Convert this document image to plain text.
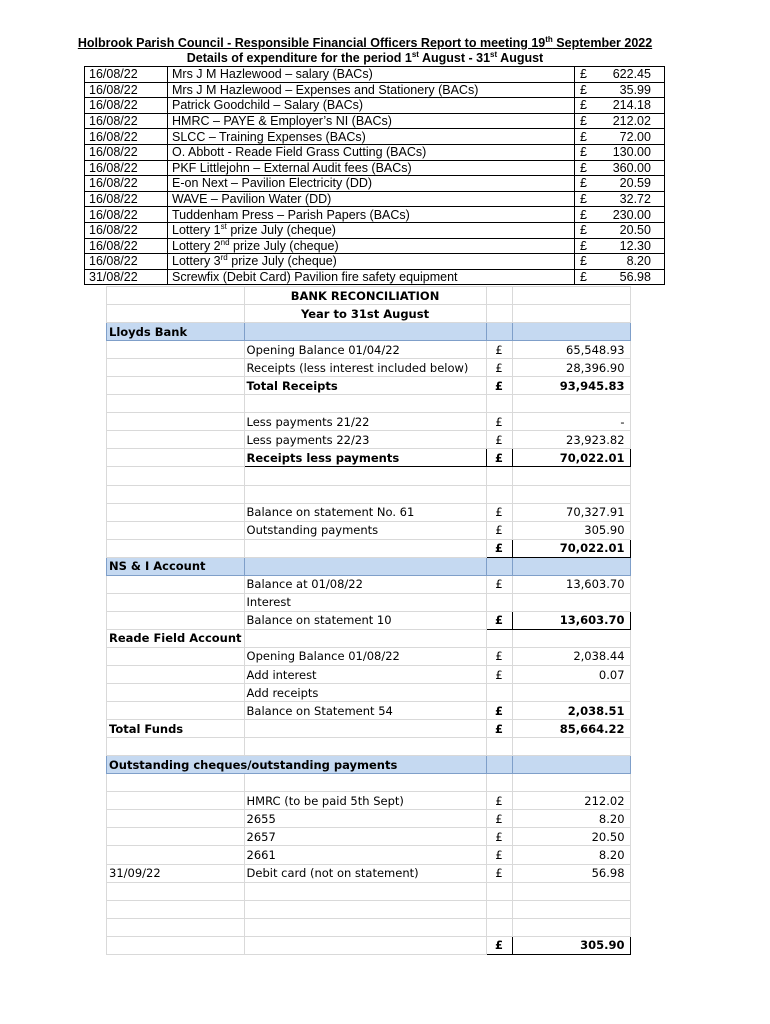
Holbrook Parish Council - Responsible Financial Officers Report to meeting 19th September 2022
Details of expenditure for the period 1st August - 31st August
16/08/22	Mrs J M Hazlewood – salary (BACs)	£ 622.45
16/08/22	Mrs J M Hazlewood – Expenses and Stationery (BACs)	£ 35.99
16/08/22	Patrick Goodchild – Salary (BACs)	£ 214.18
16/08/22	HMRC – PAYE & Employer’s NI (BACs)	£ 212.02
16/08/22	SLCC – Training Expenses (BACs)	£ 72.00
16/08/22	O. Abbott - Reade Field Grass Cutting (BACs)	£ 130.00
16/08/22	PKF Littlejohn – External Audit fees (BACs)	£ 360.00
16/08/22	E-on Next – Pavilion Electricity (DD)	£ 20.59
16/08/22	WAVE – Pavilion Water (DD)	£ 32.72
16/08/22	Tuddenham Press – Parish Papers (BACs)	£ 230.00
16/08/22	Lottery 1st prize July (cheque)	£ 20.50
16/08/22	Lottery 2nd prize July (cheque)	£ 12.30
16/08/22	Lottery 3rd prize July (cheque)	£ 8.20
31/08/22	Screwfix (Debit Card) Pavilion fire safety equipment	£ 56.98
	BANK RECONCILIATION		
	Year to 31st August		
Lloyds Bank			
	Opening Balance 01/04/22	£	65,548.93
	Receipts (less interest included below)	£	28,396.90
	Total Receipts	£	93,945.83

	Less payments 21/22	£	-
	Less payments 22/23	£	23,923.82
	Receipts less payments	£	70,022.01

	Balance on statement No. 61	£	70,327.91
	Outstanding payments	£	305.90
		£	70,022.01
NS & I Account			
	Balance at 01/08/22	£	13,603.70
	Interest		
	Balance on statement 10	£	13,603.70
Reade Field Account			
	Opening Balance 01/08/22	£	2,038.44
	Add interest	£	0.07
	Add receipts		
	Balance on Statement 54	£	2,038.51
Total Funds		£	85,664.22

Outstanding cheques/outstanding payments			

	HMRC (to be paid 5th Sept)	£	212.02
	2655	£	8.20
	2657	£	20.50
	2661	£	8.20
31/09/22	Debit card (not on statement)	£	56.98

		£	305.90
